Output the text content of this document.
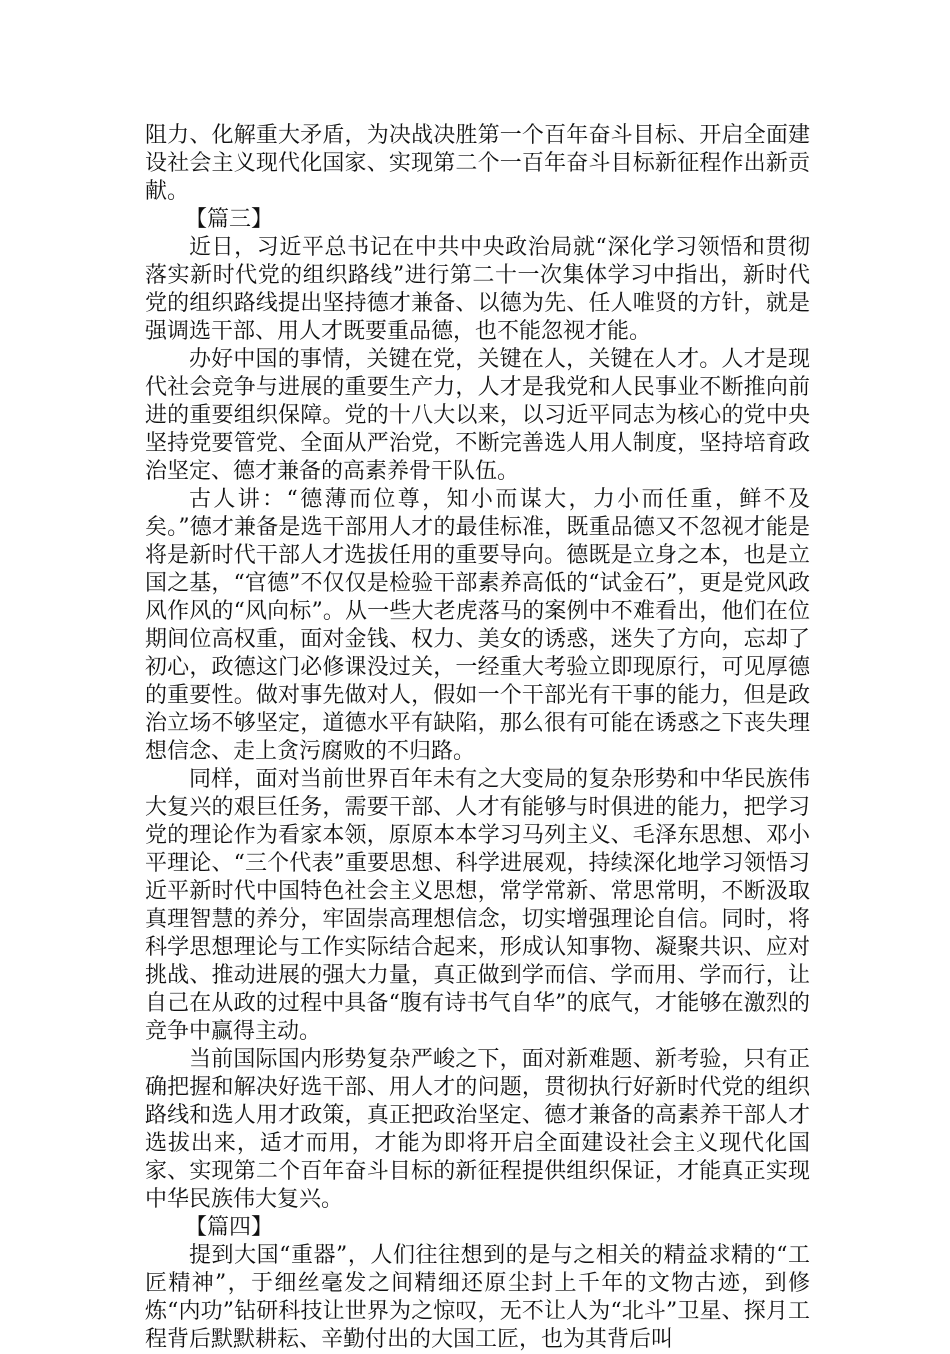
阻力、化解重大矛盾，为决战决胜第一个百年奋斗目标、开启全面建设社会主义现代化国家、实现第二个一百年奋斗目标新征程作出新贡献。

【篇三】

近日，习近平总书记在中共中央政治局就“深化学习领悟和贯彻落实新时代党的组织路线”进行第二十一次集体学习中指出，新时代党的组织路线提出坚持德才兼备、以德为先、任人唯贤的方针，就是强调选干部、用人才既要重品德，也不能忽视才能。

办好中国的事情，关键在党，关键在人，关键在人才。人才是现代社会竞争与进展的重要生产力，人才是我党和人民事业不断推向前进的重要组织保障。党的十八大以来，以习近平同志为核心的党中央坚持党要管党、全面从严治党，不断完善选人用人制度，坚持培育政治坚定、德才兼备的高素养骨干队伍。

古人讲：“德薄而位尊，知小而谋大，力小而任重，鲜不及矣。”德才兼备是选干部用人才的最佳标准，既重品德又不忽视才能是将是新时代干部人才选拔任用的重要导向。德既是立身之本，也是立国之基，“官德”不仅仅是检验干部素养高低的“试金石”，更是党风政风作风的“风向标”。从一些大老虎落马的案例中不难看出，他们在位期间位高权重，面对金钱、权力、美女的诱惑，迷失了方向，忘却了初心，政德这门必修课没过关，一经重大考验立即现原行，可见厚德的重要性。做对事先做对人，假如一个干部光有干事的能力，但是政治立场不够坚定，道德水平有缺陷，那么很有可能在诱惑之下丧失理想信念、走上贪污腐败的不归路。

同样，面对当前世界百年未有之大变局的复杂形势和中华民族伟大复兴的艰巨任务，需要干部、人才有能够与时俱进的能力，把学习党的理论作为看家本领，原原本本学习马列主义、毛泽东思想、邓小平理论、“三个代表”重要思想、科学进展观，持续深化地学习领悟习近平新时代中国特色社会主义思想，常学常新、常思常明，不断汲取真理智慧的养分，牢固崇高理想信念，切实增强理论自信。同时，将科学思想理论与工作实际结合起来，形成认知事物、凝聚共识、应对挑战、推动进展的强大力量，真正做到学而信、学而用、学而行，让自己在从政的过程中具备“腹有诗书气自华”的底气，才能够在激烈的竞争中赢得主动。

当前国际国内形势复杂严峻之下，面对新难题、新考验，只有正确把握和解决好选干部、用人才的问题，贯彻执行好新时代党的组织路线和选人用才政策，真正把政治坚定、德才兼备的高素养干部人才选拔出来，适才而用，才能为即将开启全面建设社会主义现代化国家、实现第二个百年奋斗目标的新征程提供组织保证，才能真正实现中华民族伟大复兴。

【篇四】

提到大国“重器”，人们往往想到的是与之相关的精益求精的“工匠精神”，于细丝毫发之间精细还原尘封上千年的文物古迹，到修炼“内功”钻研科技让世界为之惊叹，无不让人为“北斗”卫星、探月工程背后默默耕耘、辛勤付出的大国工匠，也为其背后叫
